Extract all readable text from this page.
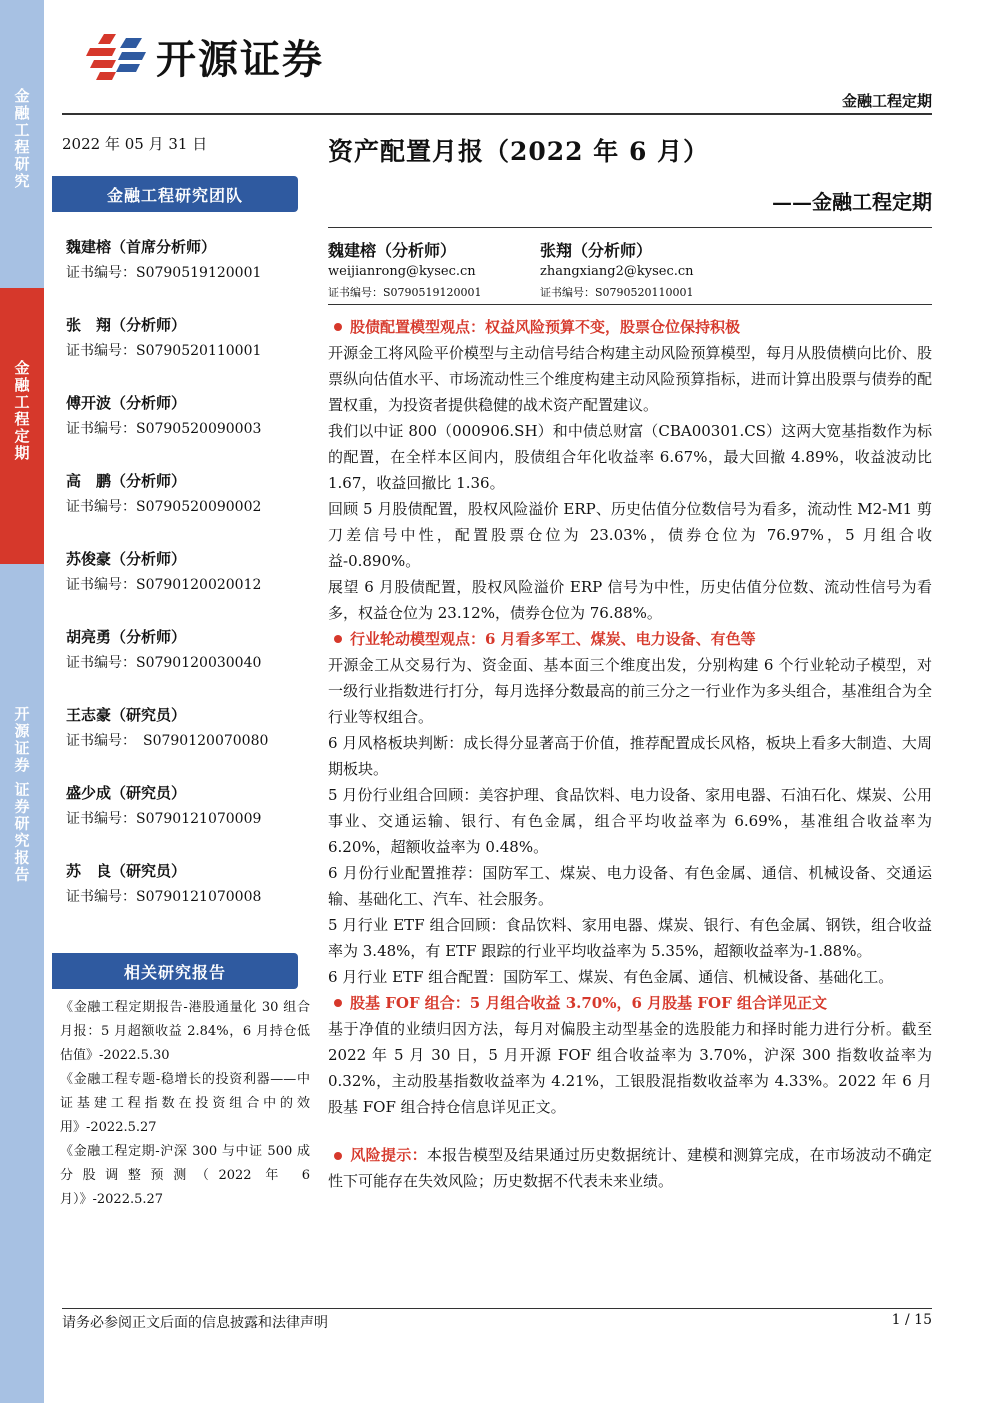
金融工程研究
金融工程定期
开源证券 证券研究报告
开源证券
金融工程定期
2022 年 05 月 31 日
金融工程研究团队
魏建榕（首席分析师）
证书编号：S0790519120001
张　翔（分析师）
证书编号：S0790520110001
傅开波（分析师）
证书编号：S0790520090003
高　鹏（分析师）
证书编号：S0790520090002
苏俊豪（分析师）
证书编号：S0790120020012
胡亮勇（分析师）
证书编号：S0790120030040
王志豪（研究员）
证书编号：　S0790120070080
盛少成（研究员）
证书编号：S0790121070009
苏　良（研究员）
证书编号：S0790121070008
相关研究报告

《金融工程定期报告-港股通量化 30 组合月报：5 月超额收益 2.84%，6 月持仓低估值》-2022.5.30

《金融工程专题-稳增长的投资利器——中证基建工程指数在投资组合中的效用》-2022.5.27

《金融工程定期-沪深 300 与中证 500 成分股调整预测（2022 年 6 月）》-2022.5.27

资产配置月报（2022 年 6 月）
——金融工程定期
魏建榕（分析师）
weijianrong@kysec.cn
证书编号：S0790519120001
张翔（分析师）
zhangxiang2@kysec.cn
证书编号：S0790520110001
股债配置模型观点：权益风险预算不变，股票仓位保持积极

开源金工将风险平价模型与主动信号结合构建主动风险预算模型，每月从股债横向比价、股票纵向估值水平、市场流动性三个维度构建主动风险预算指标，进而计算出股票与债券的配置权重，为投资者提供稳健的战术资产配置建议。

我们以中证 800（000906.SH）和中债总财富（CBA00301.CS）这两大宽基指数作为标的配置，在全样本区间内，股债组合年化收益率 6.67%，最大回撤 4.89%，收益波动比 1.67，收益回撤比 1.36。

回顾 5 月股债配置，股权风险溢价 ERP、历史估值分位数信号为看多，流动性 M2-M1 剪刀差信号中性，配置股票仓位为 23.03%，债券仓位为 76.97%，5 月组合收益-0.890%。

展望 6 月股债配置，股权风险溢价 ERP 信号为中性，历史估值分位数、流动性信号为看多，权益仓位为 23.12%，债券仓位为 76.88%。

行业轮动模型观点：6 月看多军工、煤炭、电力设备、有色等

开源金工从交易行为、资金面、基本面三个维度出发，分别构建 6 个行业轮动子模型，对一级行业指数进行打分，每月选择分数最高的前三分之一行业作为多头组合，基准组合为全行业等权组合。

6 月风格板块判断：成长得分显著高于价值，推荐配置成长风格，板块上看多大制造、大周期板块。

5 月份行业组合回顾：美容护理、食品饮料、电力设备、家用电器、石油石化、煤炭、公用事业、交通运输、银行、有色金属，组合平均收益率为 6.69%，基准组合收益率为 6.20%，超额收益率为 0.48%。

6 月份行业配置推荐：国防军工、煤炭、电力设备、有色金属、通信、机械设备、交通运输、基础化工、汽车、社会服务。

5 月行业 ETF 组合回顾：食品饮料、家用电器、煤炭、银行、有色金属、钢铁，组合收益率为 3.48%，有 ETF 跟踪的行业平均收益率为 5.35%，超额收益率为-1.88%。

6 月行业 ETF 组合配置：国防军工、煤炭、有色金属、通信、机械设备、基础化工。

股基 FOF 组合：5 月组合收益 3.70%，6 月股基 FOF 组合详见正文

基于净值的业绩归因方法，每月对偏股主动型基金的选股能力和择时能力进行分析。截至 2022 年 5 月 30 日，5 月开源 FOF 组合收益率为 3.70%，沪深 300 指数收益率为 0.32%，主动股基指数收益率为 4.21%，工银股混指数收益率为 4.33%。2022 年 6 月股基 FOF 组合持仓信息详见正文。

风险提示：本报告模型及结果通过历史数据统计、建模和测算完成，在市场波动不确定性下可能存在失效风险；历史数据不代表未来业绩。

请务必参阅正文后面的信息披露和法律声明	1 / 15
